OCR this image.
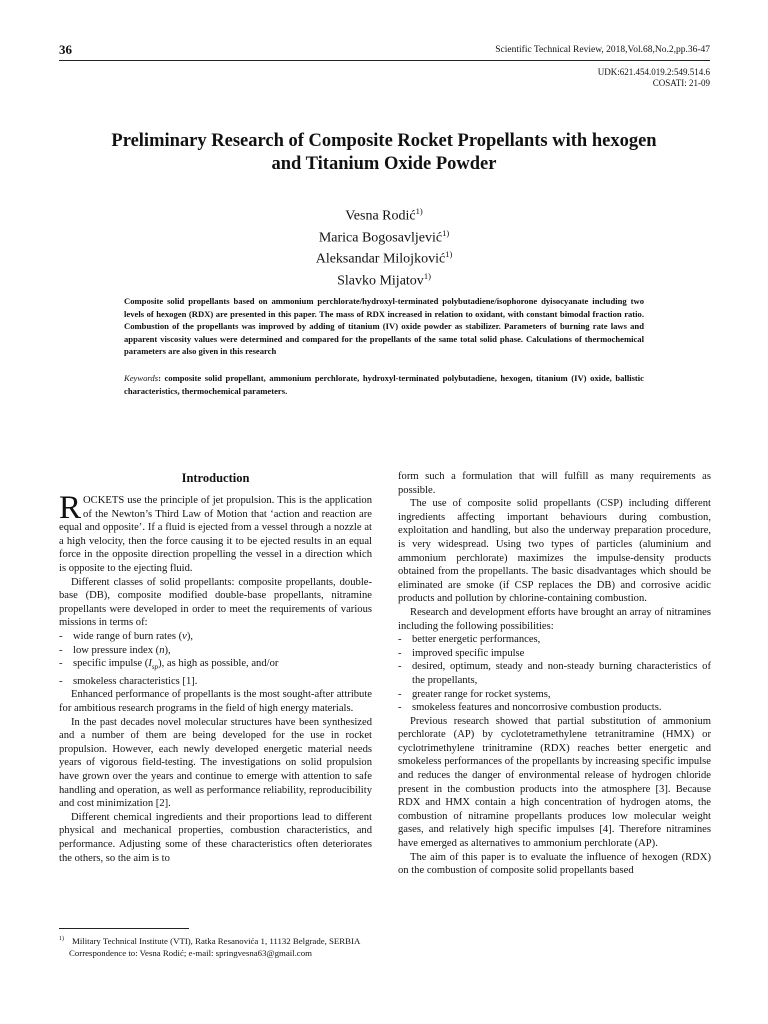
36	Scientific Technical Review, 2018,Vol.68,No.2,pp.36-47
UDK:621.454.019.2:549.514.6
COSATI: 21-09
Preliminary Research of Composite Rocket Propellants with hexogen
and Titanium Oxide Powder
Vesna Rodić$^{1)}$
Marica Bogosavljević$^{1)}$
Aleksandar Milojković$^{1)}$
Slavko Mijatov$^{1)}$
Composite solid propellants based on ammonium perchlorate/hydroxyl-terminated polybutadiene/isophorone dyisocyanate including two levels of hexogen (RDX) are presented in this paper. The mass of RDX increased in relation to oxidant, with constant bimodal fraction ratio. Combustion of the propellants was improved by adding of titanium (IV) oxide powder as stabilizer. Parameters of burning rate laws and apparent viscosity values were determined and compared for the propellants of the same total solid phase. Calculations of thermochemical parameters are also given in this research
Keywords: composite solid propellant, ammonium perchlorate, hydroxyl-terminated polybutadiene, hexogen, titanium (IV) oxide, ballistic characteristics, thermochemical parameters.
Introduction

ROCKETS use the principle of jet propulsion. This is the application of the Newton’s Third Law of Motion that ‘action and reaction are equal and opposite’. If a fluid is ejected from a vessel through a nozzle at a high velocity, then the force causing it to be ejected results in an equal force in the opposite direction propelling the vessel in a direction which is opposite to the ejecting fluid.

Different classes of solid propellants: composite propellants, double-base (DB), composite modified double-base propellants, nitramine propellants were developed in order to meet the requirements of various missions in terms of:

- wide range of burn rates (v),
- low pressure index (n),
- specific impulse $(I_{sp})$, as high as possible, and/or
- smokeless characteristics [1].

Enhanced performance of propellants is the most sought-after attribute for ambitious research programs in the field of high energy materials.

In the past decades novel molecular structures have been synthesized and a number of them are being developed for the use in rocket propulsion. However, each newly developed energetic material needs years of vigorous field-testing. The investigations on solid propulsion have grown over the years and continue to emerge with attention to safe handling and operation, as well as performance reliability, reproducibility and cost minimization [2].

Different chemical ingredients and their proportions lead to different physical and mechanical properties, combustion characteristics, and performance. Adjusting some of these characteristics often deteriorates the others, so the aim is to

form such a formulation that will fulfill as many requirements as possible.

The use of composite solid propellants (CSP) including different ingredients affecting important behaviours during combustion, exploitation and handling, but also the underway preparation procedure, is very widespread. Using two types of particles (aluminium and ammonium perchlorate) maximizes the impulse-density products obtained from the propellants. The basic disadvantages which should be eliminated are smoke (if CSP replaces the DB) and corrosive acidic products and pollution by chlorine-containing combustion.

Research and development efforts have brought an array of nitramines including the following possibilities:

- better energetic performances,
- improved specific impulse
- desired, optimum, steady and non-steady burning characteristics of the propellants,
- greater range for rocket systems,
- smokeless features and noncorrosive combustion products.

Previous research showed that partial substitution of ammonium perchlorate (AP) by cyclotetramethylene tetranitramine (HMX) or cyclotrimethylene trinitramine (RDX) reaches better energetic and smokeless performances of the propellants by increasing specific impulse and reduces the danger of environmental release of hydrogen chloride present in the combustion products into the atmosphere [3]. Because RDX and HMX contain a high concentration of hydrogen atoms, the combustion of nitramine propellants produces low molecular weight gases, and relatively high specific impulses [4]. Therefore nitramines have emerged as alternatives to ammonium perchlorate (AP).

The aim of this paper is to evaluate the influence of hexogen (RDX) on the combustion of composite solid propellants based

$^{1)}$ Military Technical Institute (VTI), Ratka Resanovića 1, 11132 Belgrade, SERBIA
Correspondence to: Vesna Rodić; e-mail: springvesna63@gmail.com
